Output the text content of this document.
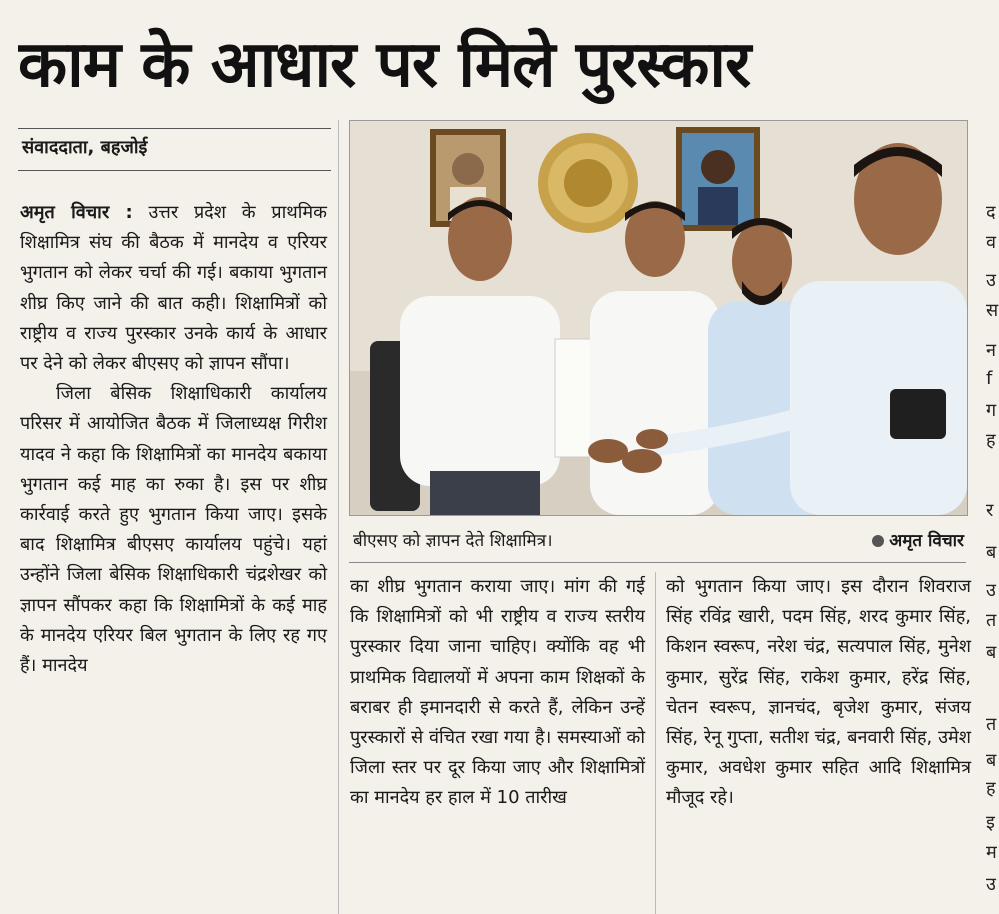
काम के आधार पर मिले पुरस्कार
संवाददाता, बहजोई

अमृत विचार : उत्तर प्रदेश के प्राथमिक शिक्षामित्र संघ की बैठक में मानदेय व एरियर भुगतान को लेकर चर्चा की गई। बकाया भुगतान शीघ्र किए जाने की बात कही। शिक्षामित्रों को राष्ट्रीय व राज्य पुरस्कार उनके कार्य के आधार पर देने को लेकर बीएसए को ज्ञापन सौंपा।

जिला बेसिक शिक्षाधिकारी कार्यालय परिसर में आयोजित बैठक में जिलाध्यक्ष गिरीश यादव ने कहा कि शिक्षामित्रों का मानदेय बकाया भुगतान कई माह का रुका है। इस पर शीघ्र कार्रवाई करते हुए भुगतान किया जाए। इसके बाद शिक्षामित्र बीएसए कार्यालय पहुंचे। यहां उन्होंने जिला बेसिक शिक्षाधिकारी चंद्रशेखर को ज्ञापन सौंपकर कहा कि शिक्षामित्रों के कई माह के मानदेय एरियर बिल भुगतान के लिए रह गए हैं। मानदेय

बीएसए को ज्ञापन देते शिक्षामित्र।	अमृत विचार

का शीघ्र भुगतान कराया जाए। मांग की गई कि शिक्षामित्रों को भी राष्ट्रीय व राज्य स्तरीय पुरस्कार दिया जाना चाहिए। क्योंकि वह भी प्राथमिक विद्यालयों में अपना काम शिक्षकों के बराबर ही इमानदारी से करते हैं, लेकिन उन्हें पुरस्कारों से वंचित रखा गया है। समस्याओं को जिला स्तर पर दूर किया जाए और शिक्षामित्रों का मानदेय हर हाल में 10 तारीख

को भुगतान किया जाए। इस दौरान शिवराज सिंह रविंद्र खारी, पदम सिंह, शरद कुमार सिंह, किशन स्वरूप, नरेश चंद्र, सत्यपाल सिंह, मुनेश कुमार, सुरेंद्र सिंह, राकेश कुमार, हरेंद्र सिंह, चेतन स्वरूप, ज्ञानचंद, बृजेश कुमार, संजय सिंह, रेनू गुप्ता, सतीश चंद्र, बनवारी सिंह, उमेश कुमार, अवधेश कुमार सहित आदि शिक्षामित्र मौजूद रहे।

द
व
उ
स
न
f
ग
ह
र
ब
उ
त
ब
त
ब
ह
इ
म
उ
